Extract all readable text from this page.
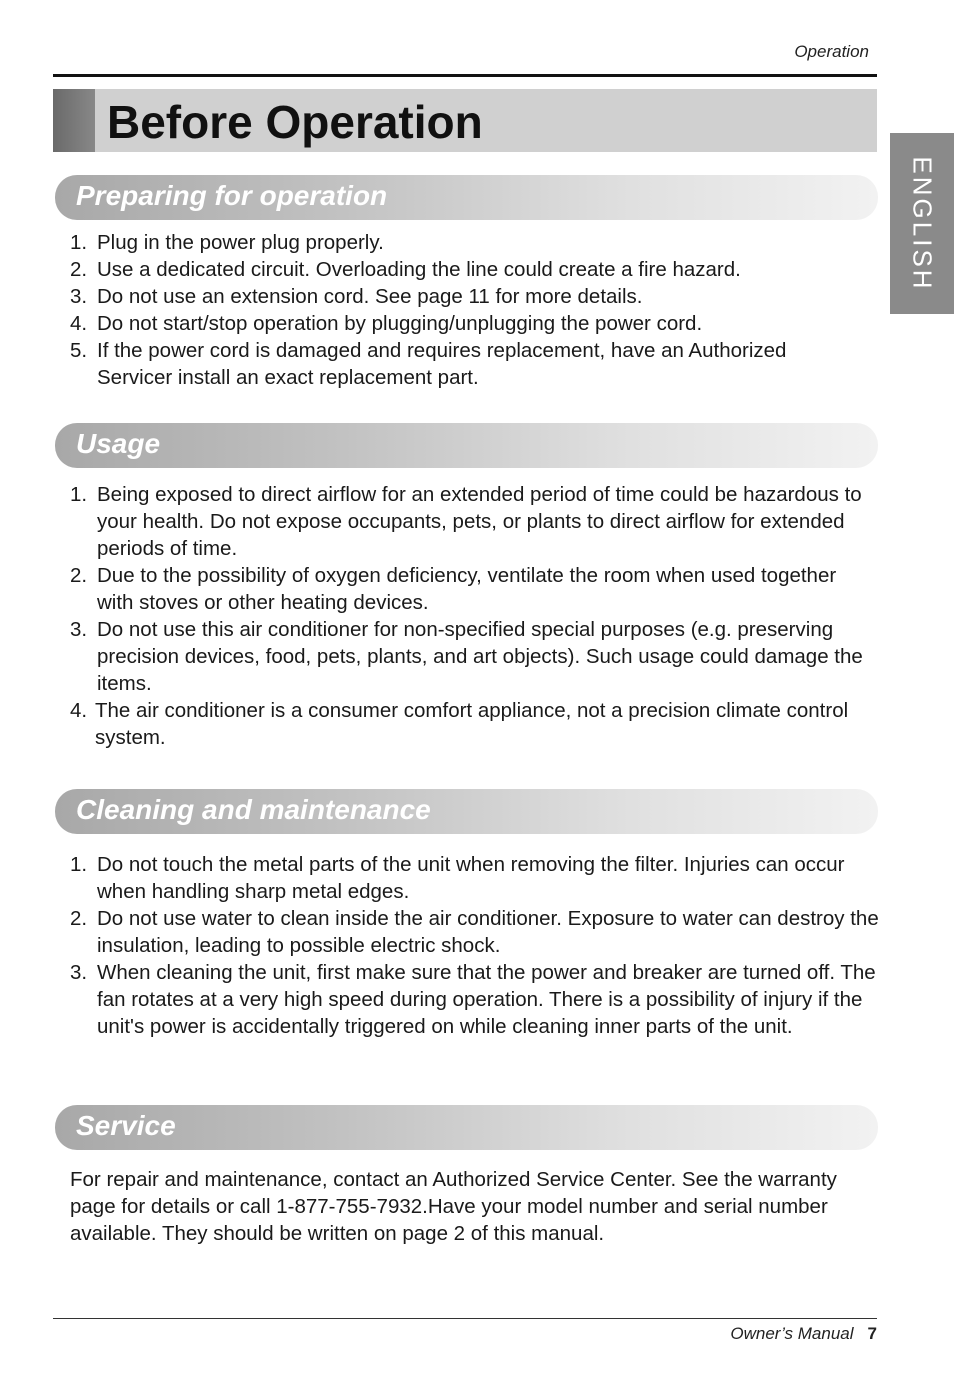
Operation
Before Operation
ENGLISH
Preparing for operation
1. Plug in the power plug properly.
2. Use a dedicated circuit. Overloading the line could create a fire hazard.
3. Do not use an extension cord. See page 11 for more details.
4. Do not start/stop operation by plugging/unplugging the power cord.
5. If the power cord is damaged and requires replacement, have an Authorized Servicer install an exact replacement part.
Usage
1. Being exposed to direct airflow for an extended period of time could be hazardous to your health. Do not expose occupants, pets, or plants to direct airflow for extended periods of time.
2. Due to the possibility of oxygen deficiency, ventilate the room when used together with stoves or other heating devices.
3. Do not use this air conditioner for non-specified special purposes (e.g. preserving precision devices, food, pets, plants, and art objects). Such usage could damage the items.
4. The air conditioner is a consumer comfort appliance, not a precision climate control system.
Cleaning and maintenance
1. Do not touch the metal parts of the unit when removing the filter. Injuries can occur when handling sharp metal edges.
2. Do not use water to clean inside the air conditioner. Exposure to water can destroy the insulation, leading to possible electric shock.
3. When cleaning the unit, first make sure that the power and breaker are turned off. The fan rotates at a very high speed during operation. There is a possibility of injury if the unit's power is accidentally triggered on while cleaning inner parts of the unit.
Service

For repair and maintenance, contact an Authorized Service Center. See the warranty page for details or call 1-877-755-7932.Have your model number and serial number available. They should be written on page 2 of this manual.

Owner’s Manual 7
